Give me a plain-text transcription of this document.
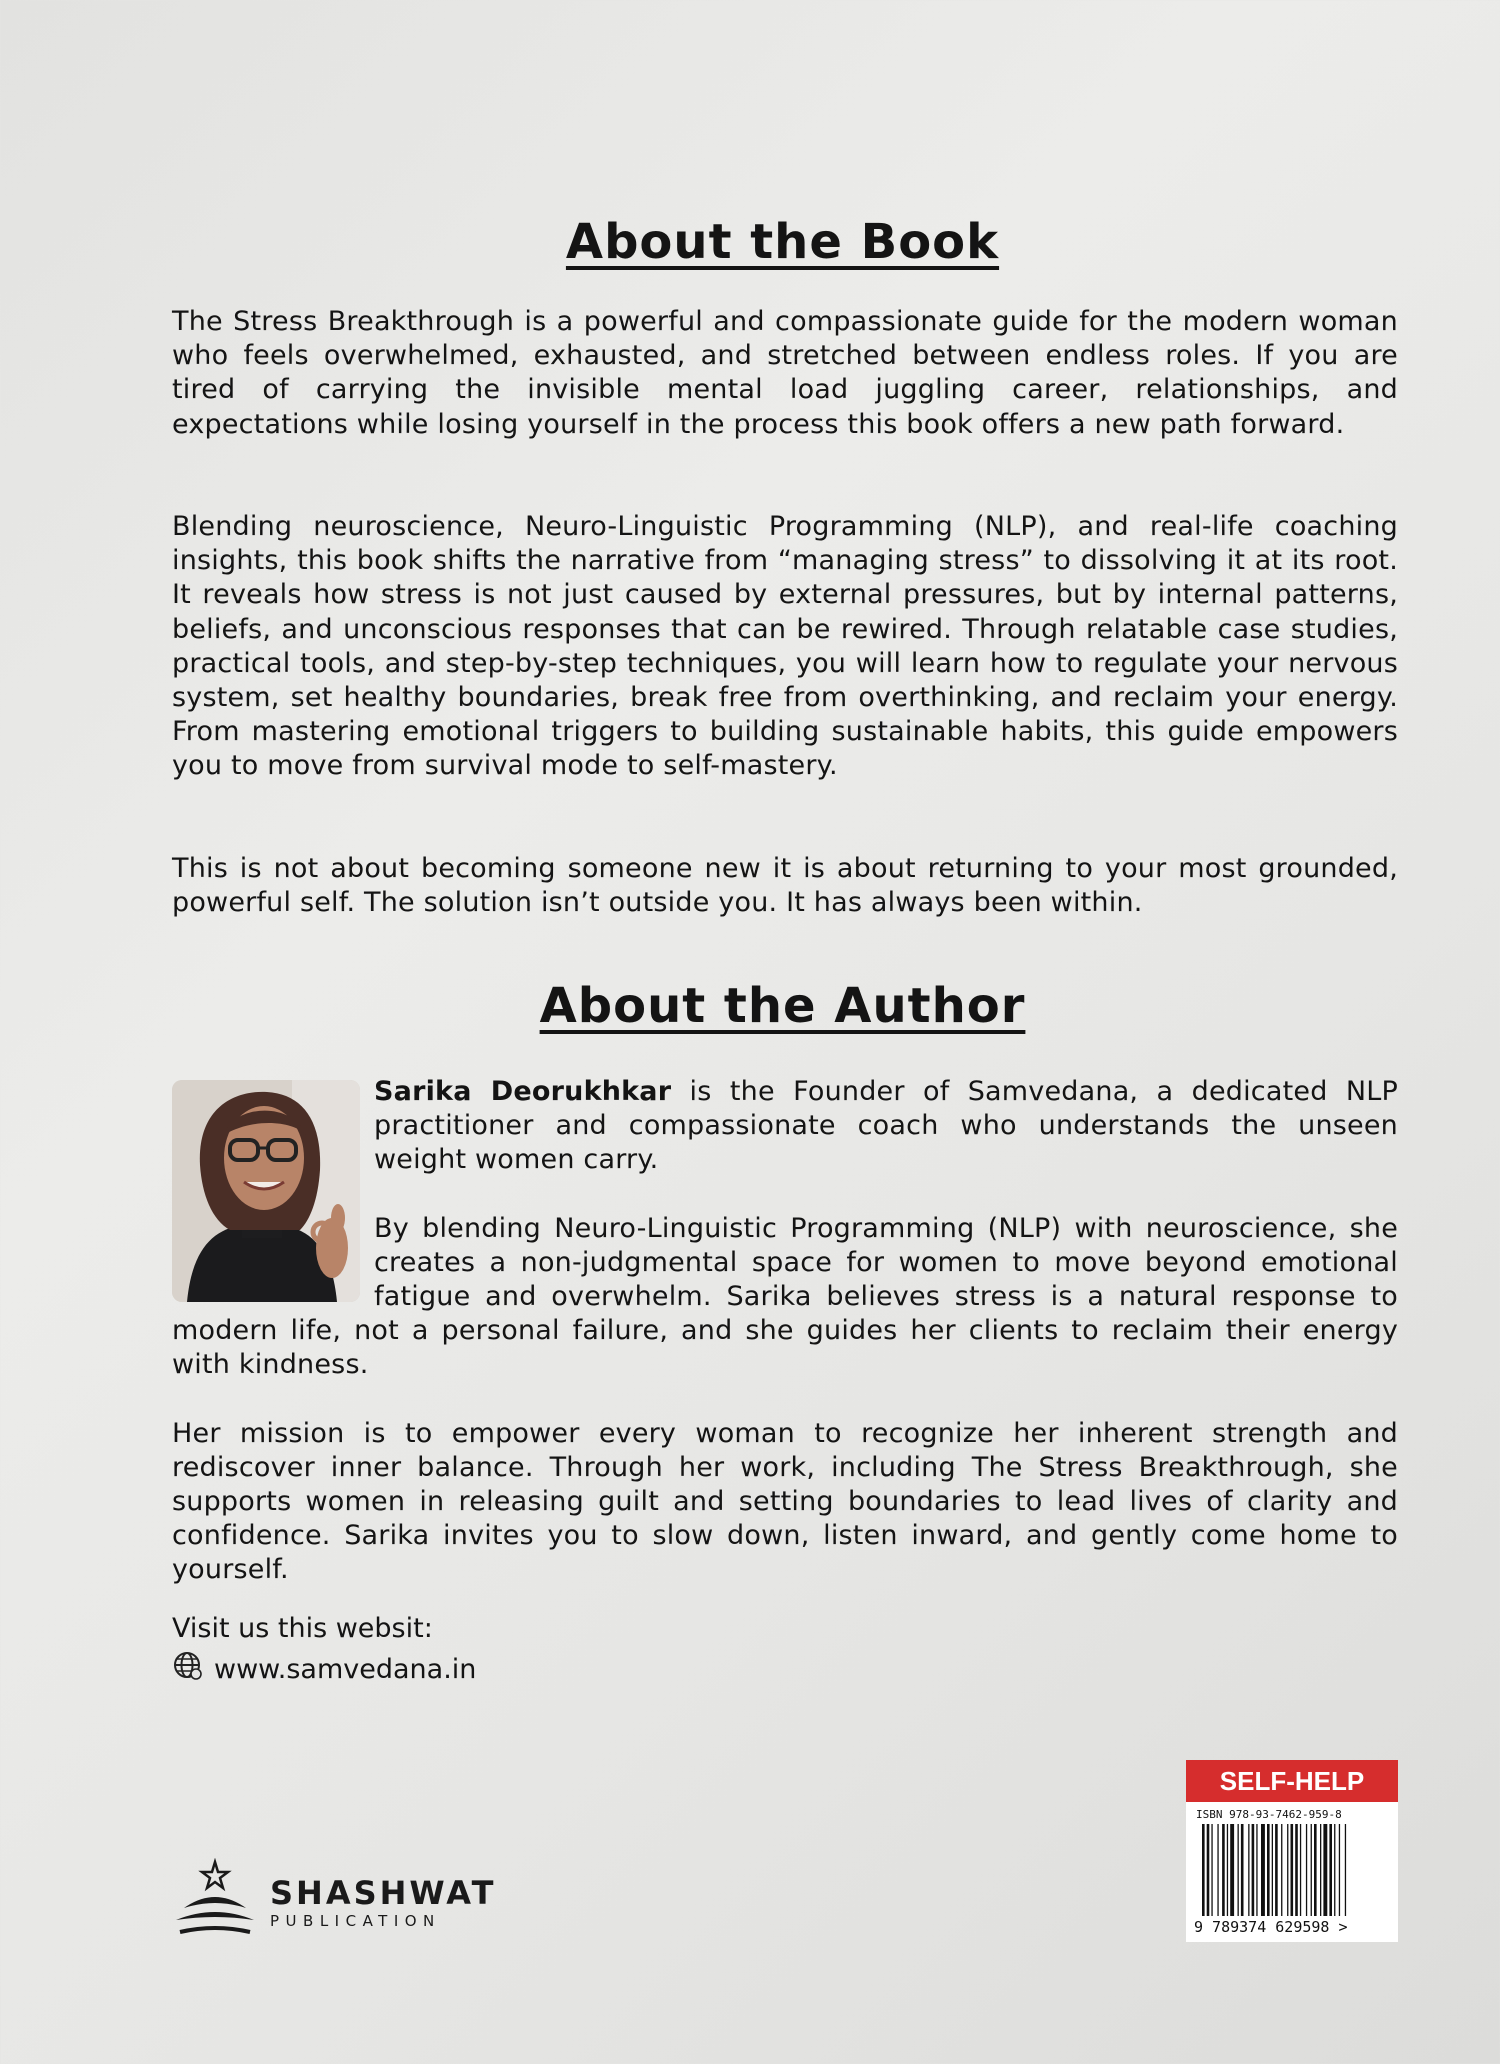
About the Book

The Stress Breakthrough is a powerful and compassionate guide for the modern woman who feels overwhelmed, exhausted, and stretched between endless roles. If you are tired of carrying the invisible mental load juggling career, relationships, and expectations while losing yourself in the process this book offers a new path forward.

Blending neuroscience, Neuro-Linguistic Programming (NLP), and real-life coaching insights, this book shifts the narrative from “managing stress” to dissolving it at its root. It reveals how stress is not just caused by external pressures, but by internal patterns, beliefs, and unconscious responses that can be rewired. Through relatable case studies, practical tools, and step-by-step techniques, you will learn how to regulate your nervous system, set healthy boundaries, break free from overthinking, and reclaim your energy. From mastering emotional triggers to building sustainable habits, this guide empowers you to move from survival mode to self-mastery.

This is not about becoming someone new it is about returning to your most grounded, powerful self. The solution isn’t outside you. It has always been within.

About the Author

Sarika Deorukhkar is the Founder of Samvedana, a dedicated NLP practitioner and compassionate coach who understands the unseen weight women carry.

By blending Neuro-Linguistic Programming (NLP) with neuroscience, she creates a non-judgmental space for women to move beyond emotional fatigue and overwhelm. Sarika believes stress is a natural response to modern life, not a personal failure, and she guides her clients to reclaim their energy with kindness.

Her mission is to empower every woman to recognize her inherent strength and rediscover inner balance. Through her work, including The Stress Breakthrough, she supports women in releasing guilt and setting boundaries to lead lives of clarity and confidence. Sarika invites you to slow down, listen inward, and gently come home to yourself.

Visit us this websit:
www.samvedana.in
SHASHWAT
PUBLICATION
SELF-HELP
ISBN 978-93-7462-959-8
9 789374 629598 >
